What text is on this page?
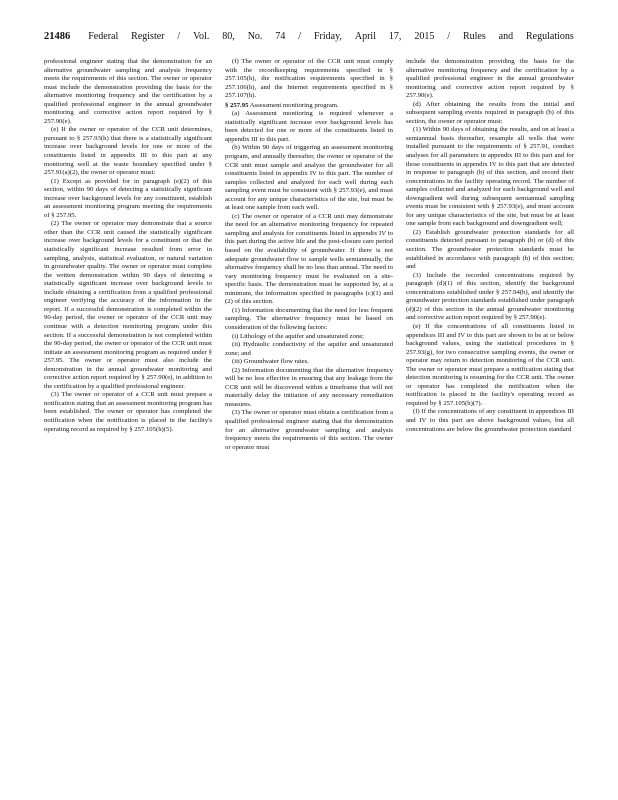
21486 Federal Register / Vol. 80, No. 74 / Friday, April 17, 2015 / Rules and Regulations

professional engineer stating that the demonstration for an alternative groundwater sampling and analysis frequency meets the requirements of this section. The owner or operator must include the demonstration providing the basis for the alternative monitoring frequency and the certification by a qualified professional engineer in the annual groundwater monitoring and corrective action report required by § 257.90(e).

(e) If the owner or operator of the CCR unit determines, pursuant to § 257.93(h) that there is a statistically significant increase over background levels for one or more of the constituents listed in appendix III to this part at any monitoring well at the waste boundary specified under § 257.91(a)(2), the owner or operator must:

(1) Except as provided for in paragraph (e)(2) of this section, within 90 days of detecting a statistically significant increase over background levels for any constituent, establish an assessment monitoring program meeting the requirements of § 257.95.

(2) The owner or operator may demonstrate that a source other than the CCR unit caused the statistically significant increase over background levels for a constituent or that the statistically significant increase resulted from error in sampling, analysis, statistical evaluation, or natural variation in groundwater quality. The owner or operator must complete the written demonstration within 90 days of detecting a statistically significant increase over background levels to include obtaining a certification from a qualified professional engineer verifying the accuracy of the information in the report. If a successful demonstration is completed within the 90-day period, the owner or operator of the CCR unit may continue with a detection monitoring program under this section. If a successful demonstration is not completed within the 90-day period, the owner or operator of the CCR unit must initiate an assessment monitoring program as required under § 257.95. The owner or operator must also include the demonstration in the annual groundwater monitoring and corrective action report required by § 257.90(e), in addition to the certification by a qualified professional engineer.

(3) The owner or operator of a CCR unit must prepare a notification stating that an assessment monitoring program has been established. The owner or operator has completed the notification when the notification is placed in the facility's operating record as required by § 257.105(h)(5).

(f) The owner or operator of the CCR unit must comply with the recordkeeping requirements specified in § 257.105(h), the notification requirements specified in § 257.106(h), and the Internet requirements specified in § 257.107(h).

§ 257.95 Assessment monitoring program.

(a) Assessment monitoring is required whenever a statistically significant increase over background levels has been detected for one or more of the constituents listed in appendix III to this part.

(b) Within 90 days of triggering an assessment monitoring program, and annually thereafter, the owner or operator of the CCR unit must sample and analyze the groundwater for all constituents listed in appendix IV to this part. The number of samples collected and analyzed for each well during each sampling event must be consistent with § 257.93(e), and must account for any unique characteristics of the site, but must be at least one sample from each well.

(c) The owner or operator of a CCR unit may demonstrate the need for an alternative monitoring frequency for repeated sampling and analysis for constituents listed in appendix IV to this part during the active life and the post-closure care period based on the availability of groundwater. If there is not adequate groundwater flow to sample wells semiannually, the alternative frequency shall be no less than annual. The need to vary monitoring frequency must be evaluated on a site-specific basis. The demonstration must be supported by, at a minimum, the information specified in paragraphs (c)(1) and (2) of this section.

(1) Information documenting that the need for less frequent sampling. The alternative frequency must be based on consideration of the following factors:

(i) Lithology of the aquifer and unsaturated zone;

(ii) Hydraulic conductivity of the aquifer and unsaturated zone; and

(iii) Groundwater flow rates.

(2) Information documenting that the alternative frequency will be no less effective in ensuring that any leakage from the CCR unit will be discovered within a timeframe that will not materially delay the initiation of any necessary remediation measures.

(3) The owner or operator must obtain a certification from a qualified professional engineer stating that the demonstration for an alternative groundwater sampling and analysis frequency meets the requirements of this section. The owner or operator must

include the demonstration providing the basis for the alternative monitoring frequency and the certification by a qualified professional engineer in the annual groundwater monitoring and corrective action report required by § 257.90(e).

(d) After obtaining the results from the initial and subsequent sampling events required in paragraph (b) of this section, the owner or operator must:

(1) Within 90 days of obtaining the results, and on at least a semiannual basis thereafter, resample all wells that were installed pursuant to the requirements of § 257.91, conduct analyses for all parameters in appendix III to this part and for those constituents in appendix IV to this part that are detected in response to paragraph (b) of this section, and record their concentrations in the facility operating record. The number of samples collected and analyzed for each background well and downgradient well during subsequent semiannual sampling events must be consistent with § 257.93(e), and must account for any unique characteristics of the site, but must be at least one sample from each background and downgradient well;

(2) Establish groundwater protection standards for all constituents detected pursuant to paragraph (b) or (d) of this section. The groundwater protection standards must be established in accordance with paragraph (h) of this section; and

(3) Include the recorded concentrations required by paragraph (d)(1) of this section, identify the background concentrations established under § 257.94(b), and identify the groundwater protection standards established under paragraph (d)(2) of this section in the annual groundwater monitoring and corrective action report required by § 257.90(e).

(e) If the concentrations of all constituents listed in appendices III and IV to this part are shown to be at or below background values, using the statistical procedures in § 257.93(g), for two consecutive sampling events, the owner or operator may return to detection monitoring of the CCR unit. The owner or operator must prepare a notification stating that detection monitoring is resuming for the CCR unit. The owner or operator has completed the notification when the notification is placed in the facility's operating record as required by § 257.105(h)(7).

(f) If the concentrations of any constituent in appendices III and IV to this part are above background values, but all concentrations are below the groundwater protection standard
